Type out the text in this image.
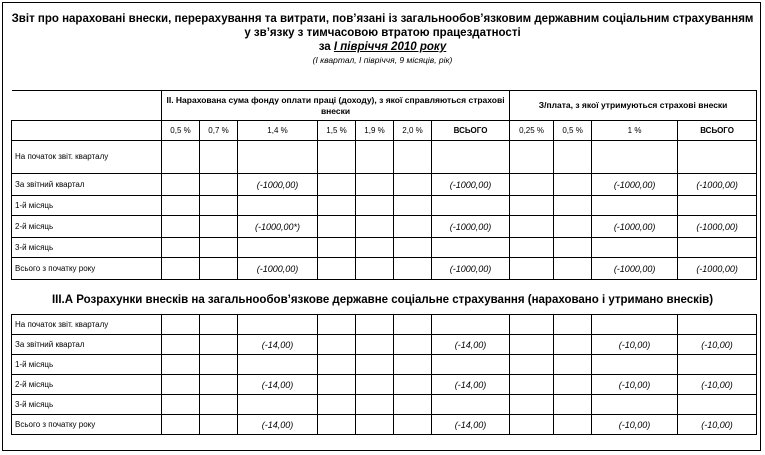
Звіт про нараховані внески, перерахування та витрати, пов’язані із загальнообов’язковим державним соціальним страхуванням
у зв’язку з тимчасовою втратою працездатності
за I півріччя 2010 року
(I квартал, I півріччя, 9 місяців, рік)
	II. Нарахована сума фонду оплати праці (доходу), з якої справляються страхові внески							З/плата, з якої утримуються страхові внески			
	0,5 %	0,7 %	1,4 %	1,5 %	1,9 %	2,0 %	ВСЬОГО	0,25 %	0,5 %	1 %	ВСЬОГО
На початок звіт. кварталу											
За звітний квартал			(-1000,00)				(-1000,00)			(-1000,00)	(-1000,00)
1-й місяць											
2-й місяць			(-1000,00*)				(-1000,00)			(-1000,00)	(-1000,00)
3-й місяць											
Всього з початку року			(-1000,00)				(-1000,00)			(-1000,00)	(-1000,00)
III.А Розрахунки внесків на загальнообов’язкове державне соціальне страхування (нараховано і утримано внесків)
На початок звіт. кварталу											
За звітний квартал			(-14,00)				(-14,00)			(-10,00)	(-10,00)
1-й місяць											
2-й місяць			(-14,00)				(-14,00)			(-10,00)	(-10,00)
3-й місяць											
Всього з початку року			(-14,00)				(-14,00)			(-10,00)	(-10,00)
